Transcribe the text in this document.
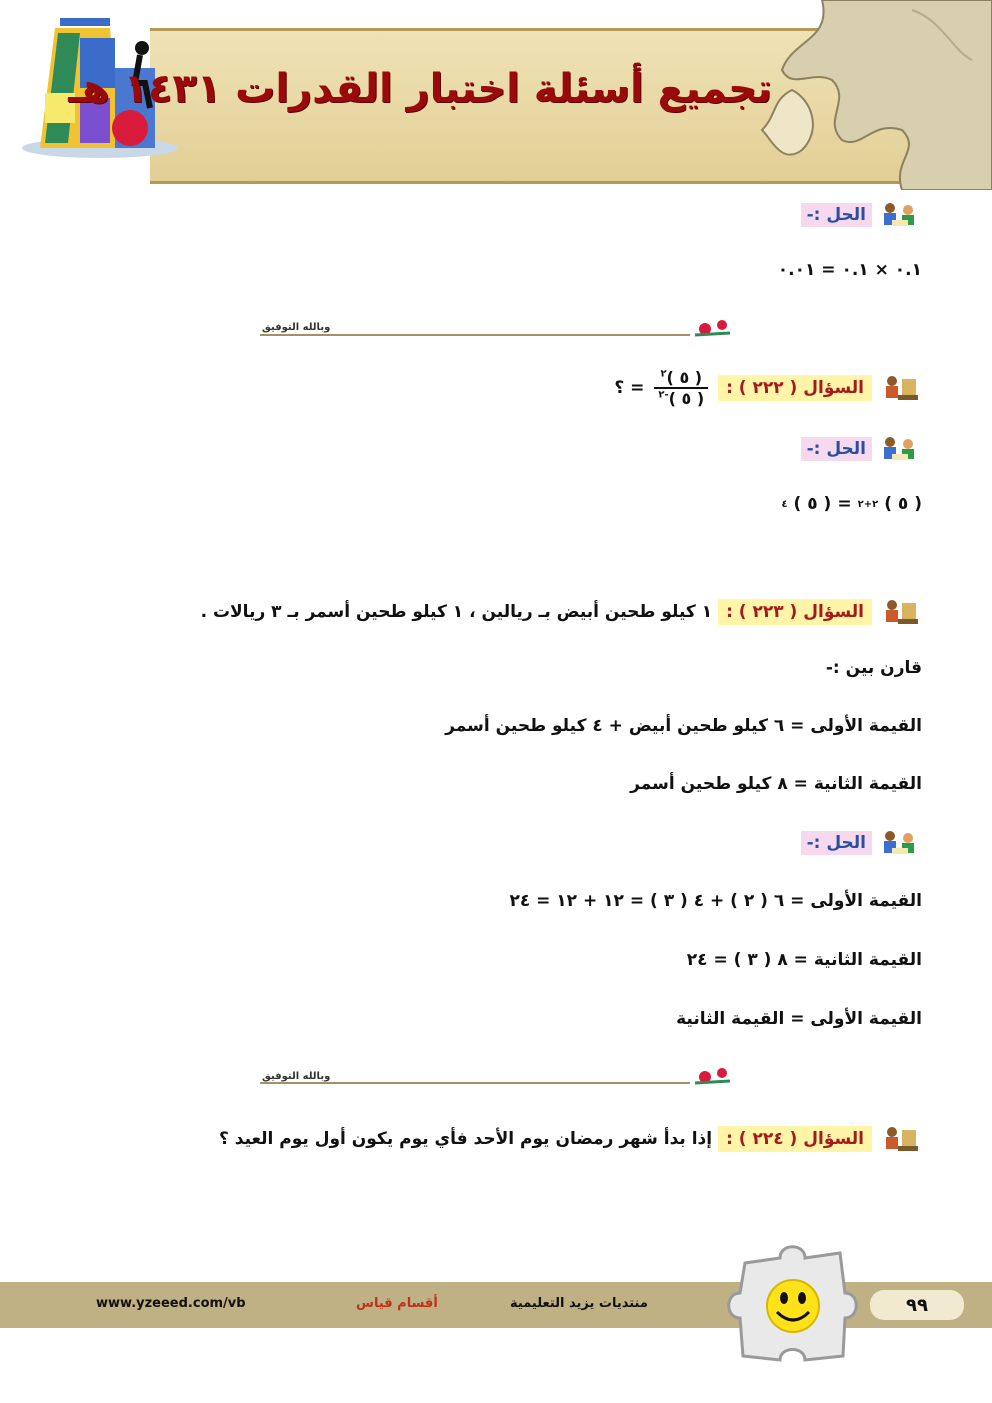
تجميع أسئلة اختبار القدرات ١٤٣١ هـ
الحل :-
٠.١ × ٠.١ = ٠.٠١
وبالله التوفيق
السؤال ( ٢٢٢ ) :
$\frac{( ٥ )^٢}{( ٥ )^{-٢}}$
= ؟
الحل :-
( ٥ )
٢+٢
=
( ٥ )
٤
السؤال ( ٢٢٣ ) :
١ كيلو طحين أبيض بـ ريالين ، ١ كيلو طحين أسمر بـ ٣ ريالات .
قارن بين :-
القيمة الأولى = ٦ كيلو طحين أبيض + ٤ كيلو طحين أسمر
القيمة الثانية = ٨ كيلو طحين أسمر
الحل :-
القيمة الأولى = ٦ ( ٢ ) + ٤ ( ٣ ) = ١٢ + ١٢ = ٢٤
القيمة الثانية = ٨ ( ٣ ) = ٢٤
القيمة الأولى = القيمة الثانية
وبالله التوفيق
السؤال ( ٢٢٤ ) :
إذا بدأ شهر رمضان يوم الأحد فأي يوم يكون أول يوم العيد ؟
www.yzeeed.com/vb	أقسام قياس	منتديات يزيد التعليمية	٩٩
